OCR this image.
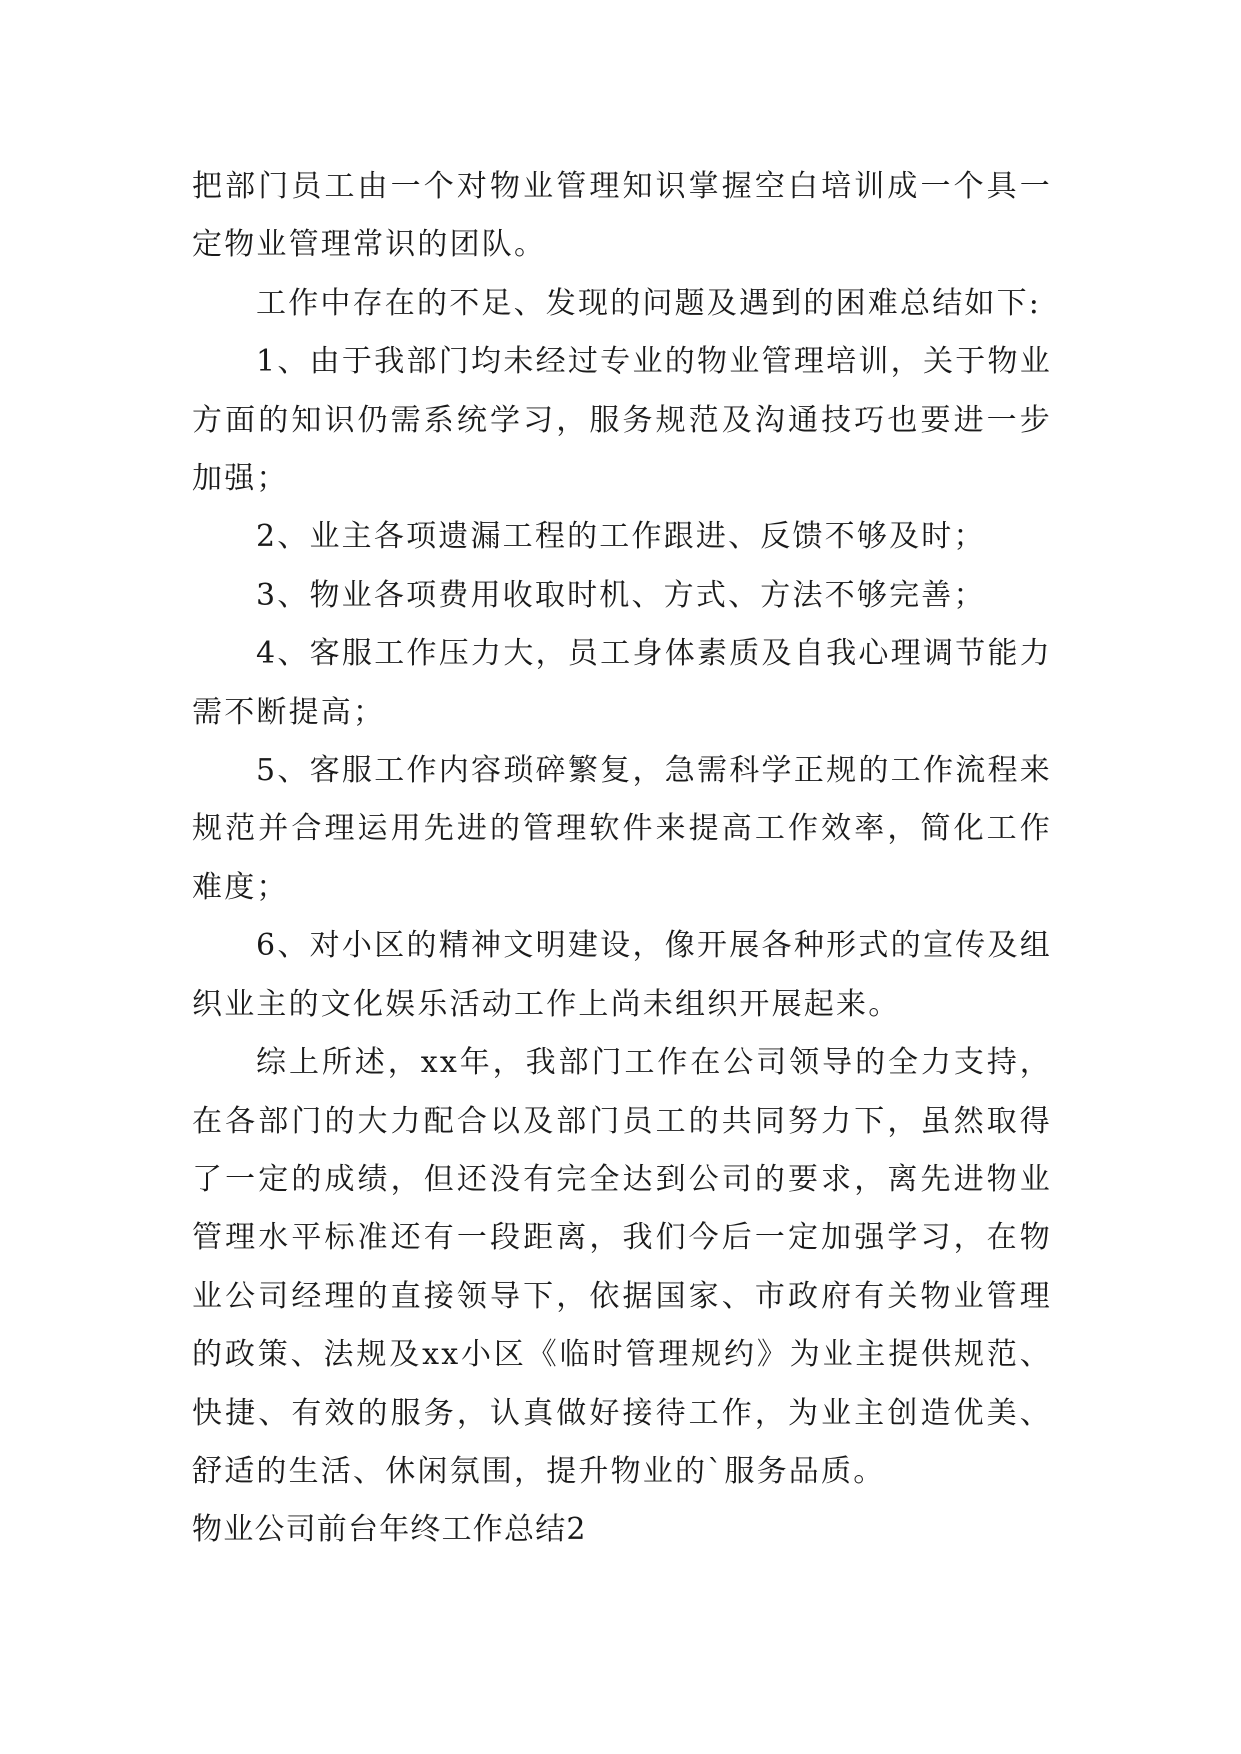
把部门员工由一个对物业管理知识掌握空白培训成一个具一定物业管理常识的团队。

工作中存在的不足、发现的问题及遇到的困难总结如下:

1、由于我部门均未经过专业的物业管理培训，关于物业方面的知识仍需系统学习，服务规范及沟通技巧也要进一步加强；

2、业主各项遗漏工程的工作跟进、反馈不够及时；

3、物业各项费用收取时机、方式、方法不够完善；

4、客服工作压力大，员工身体素质及自我心理调节能力需不断提高；

5、客服工作内容琐碎繁复，急需科学正规的工作流程来规范并合理运用先进的管理软件来提高工作效率，简化工作难度；

6、对小区的精神文明建设，像开展各种形式的宣传及组织业主的文化娱乐活动工作上尚未组织开展起来。

综上所述，xx年，我部门工作在公司领导的全力支持，在各部门的大力配合以及部门员工的共同努力下，虽然取得了一定的成绩，但还没有完全达到公司的要求，离先进物业管理水平标准还有一段距离，我们今后一定加强学习，在物业公司经理的直接领导下，依据国家、市政府有关物业管理的政策、法规及xx小区《临时管理规约》为业主提供规范、快捷、有效的服务，认真做好接待工作，为业主创造优美、舒适的生活、休闲氛围，提升物业的`服务品质。

物业公司前台年终工作总结2
